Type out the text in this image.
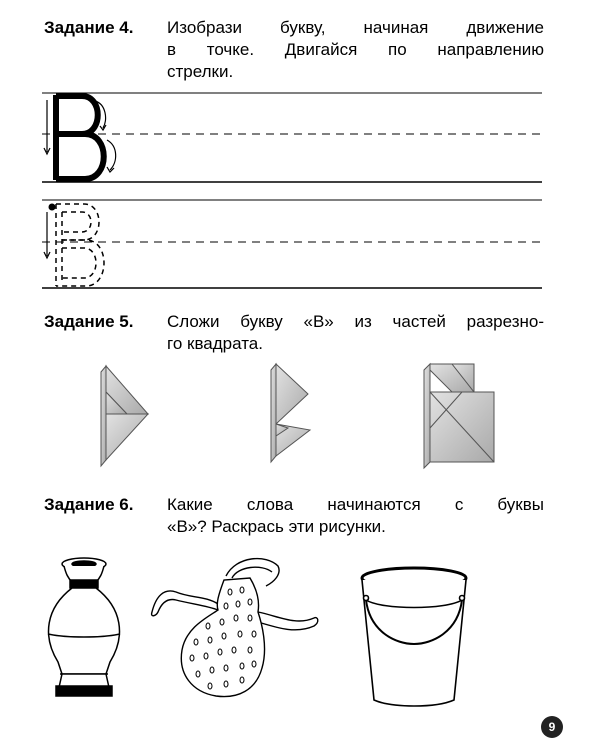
Задание 4. Изобрази букву, начиная движение
в точке. Двигайся по направлению
стрелки.
Задание 5. Сложи букву «В» из частей разрезно-
го квадрата.
Задание 6. Какие слова начинаются с буквы
«В»? Раскрась эти рисунки.
9
